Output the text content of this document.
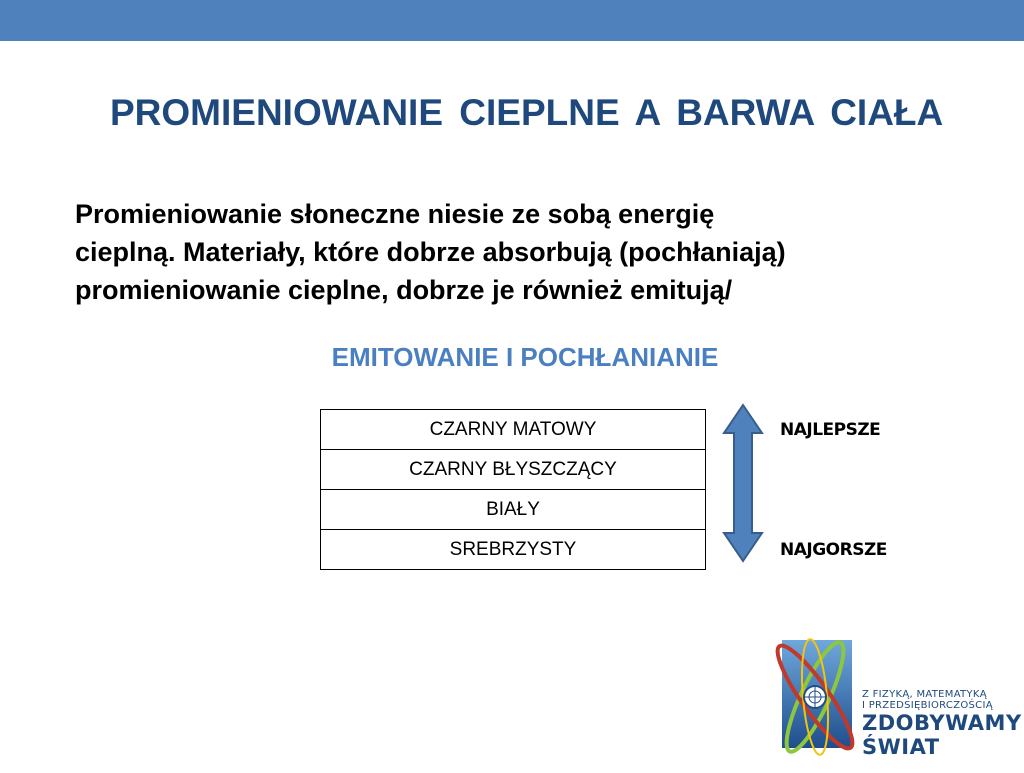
PROMIENIOWANIE CIEPLNE A BARWA CIAŁA
Promieniowanie słoneczne niesie ze sobą energię
cieplną. Materiały, które dobrze absorbują (pochłaniają)
promieniowanie cieplne, dobrze je również emitują/
EMITOWANIE I POCHŁANIANIE
CZARNY MATOWY
CZARNY BŁYSZCZĄCY
BIAŁY
SREBRZYSTY
NAJLEPSZE
NAJGORSZE
Z FIZYKĄ, MATEMATYKĄ
I PRZEDSIĘBIORCZOŚCIĄ
ZDOBYWAMY
ŚWIAT
